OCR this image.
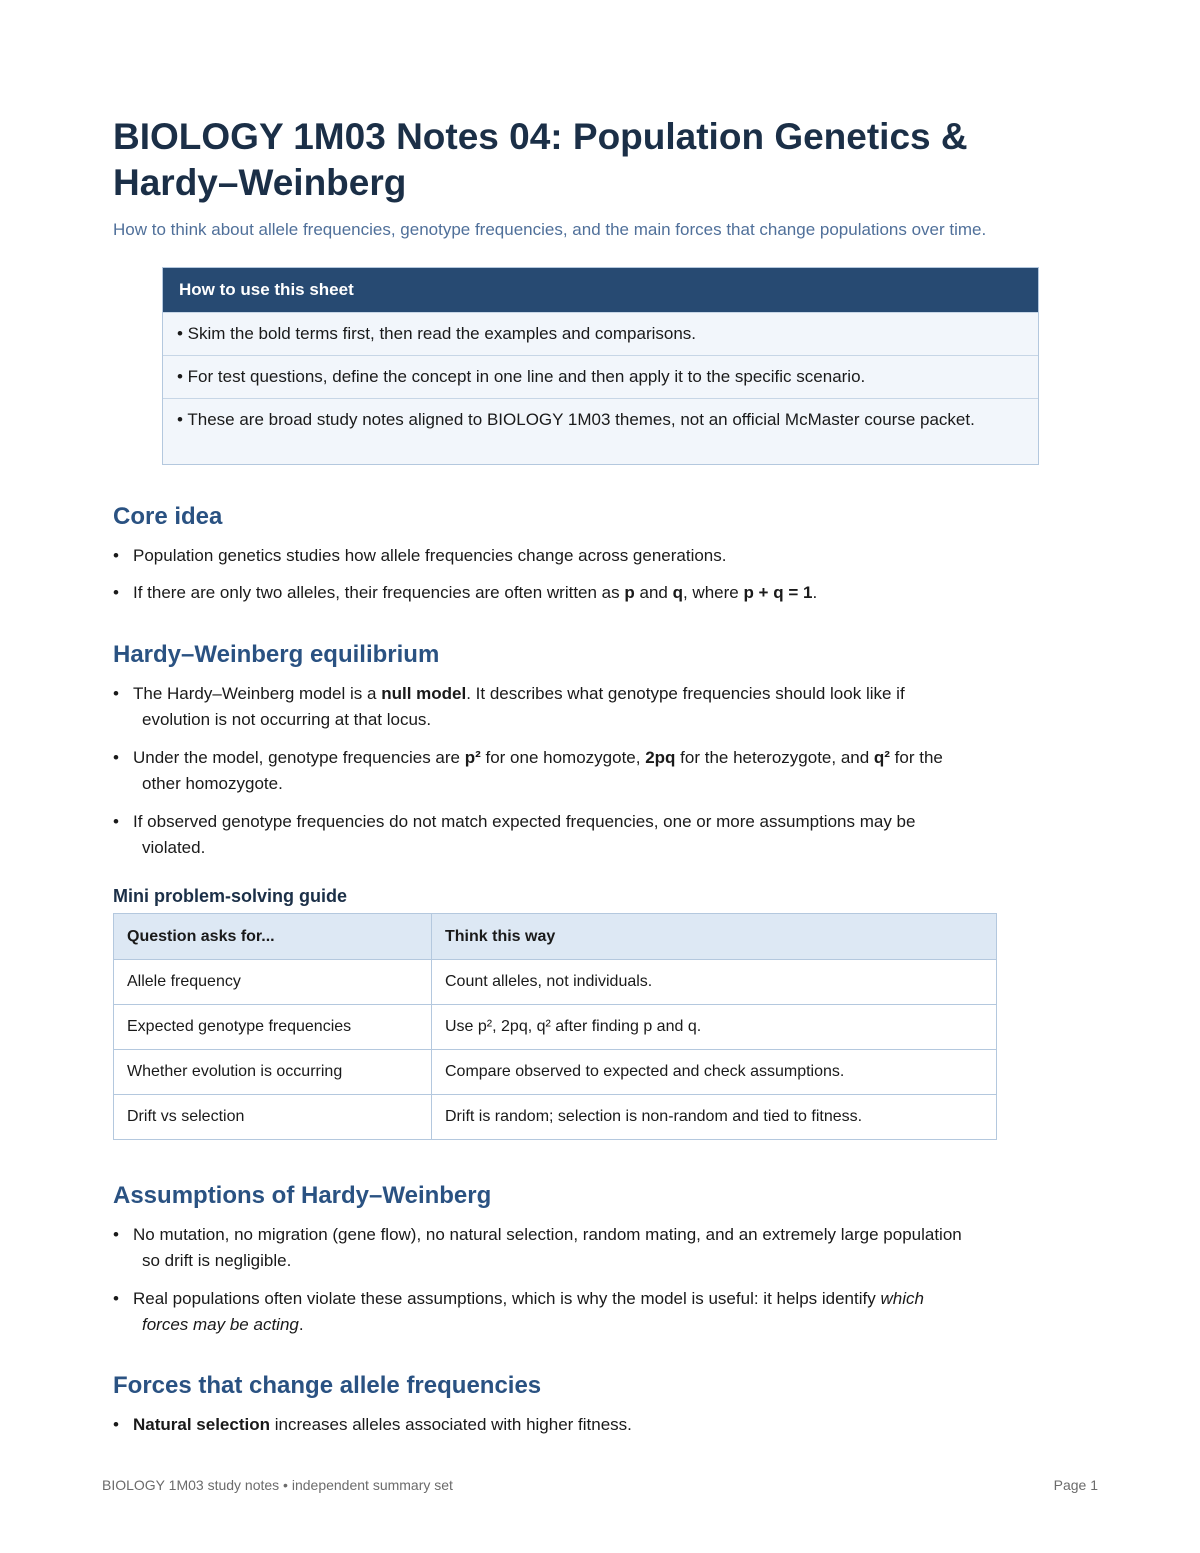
BIOLOGY 1M03 Notes 04: Population Genetics & Hardy–Weinberg
How to think about allele frequencies, genotype frequencies, and the main forces that change populations over time.
How to use this sheet
• Skim the bold terms first, then read the examples and comparisons.
• For test questions, define the concept in one line and then apply it to the specific scenario.
• These are broad study notes aligned to BIOLOGY 1M03 themes, not an official McMaster course packet.
Core idea
• Population genetics studies how allele frequencies change across generations.
• If there are only two alleles, their frequencies are often written as p and q, where p + q = 1.
Hardy–Weinberg equilibrium
• The Hardy–Weinberg model is a null model. It describes what genotype frequencies should look like if
evolution is not occurring at that locus.
• Under the model, genotype frequencies are p² for one homozygote, 2pq for the heterozygote, and q² for the
other homozygote.
• If observed genotype frequencies do not match expected frequencies, one or more assumptions may be
violated.
Mini problem-solving guide
Question asks for...	Think this way
Allele frequency	Count alleles, not individuals.
Expected genotype frequencies	Use p², 2pq, q² after finding p and q.
Whether evolution is occurring	Compare observed to expected and check assumptions.
Drift vs selection	Drift is random; selection is non-random and tied to fitness.
Assumptions of Hardy–Weinberg
• No mutation, no migration (gene flow), no natural selection, random mating, and an extremely large population
so drift is negligible.
• Real populations often violate these assumptions, which is why the model is useful: it helps identify which
forces may be acting.
Forces that change allele frequencies
• Natural selection increases alleles associated with higher fitness.
BIOLOGY 1M03 study notes • independent summary set	Page 1
